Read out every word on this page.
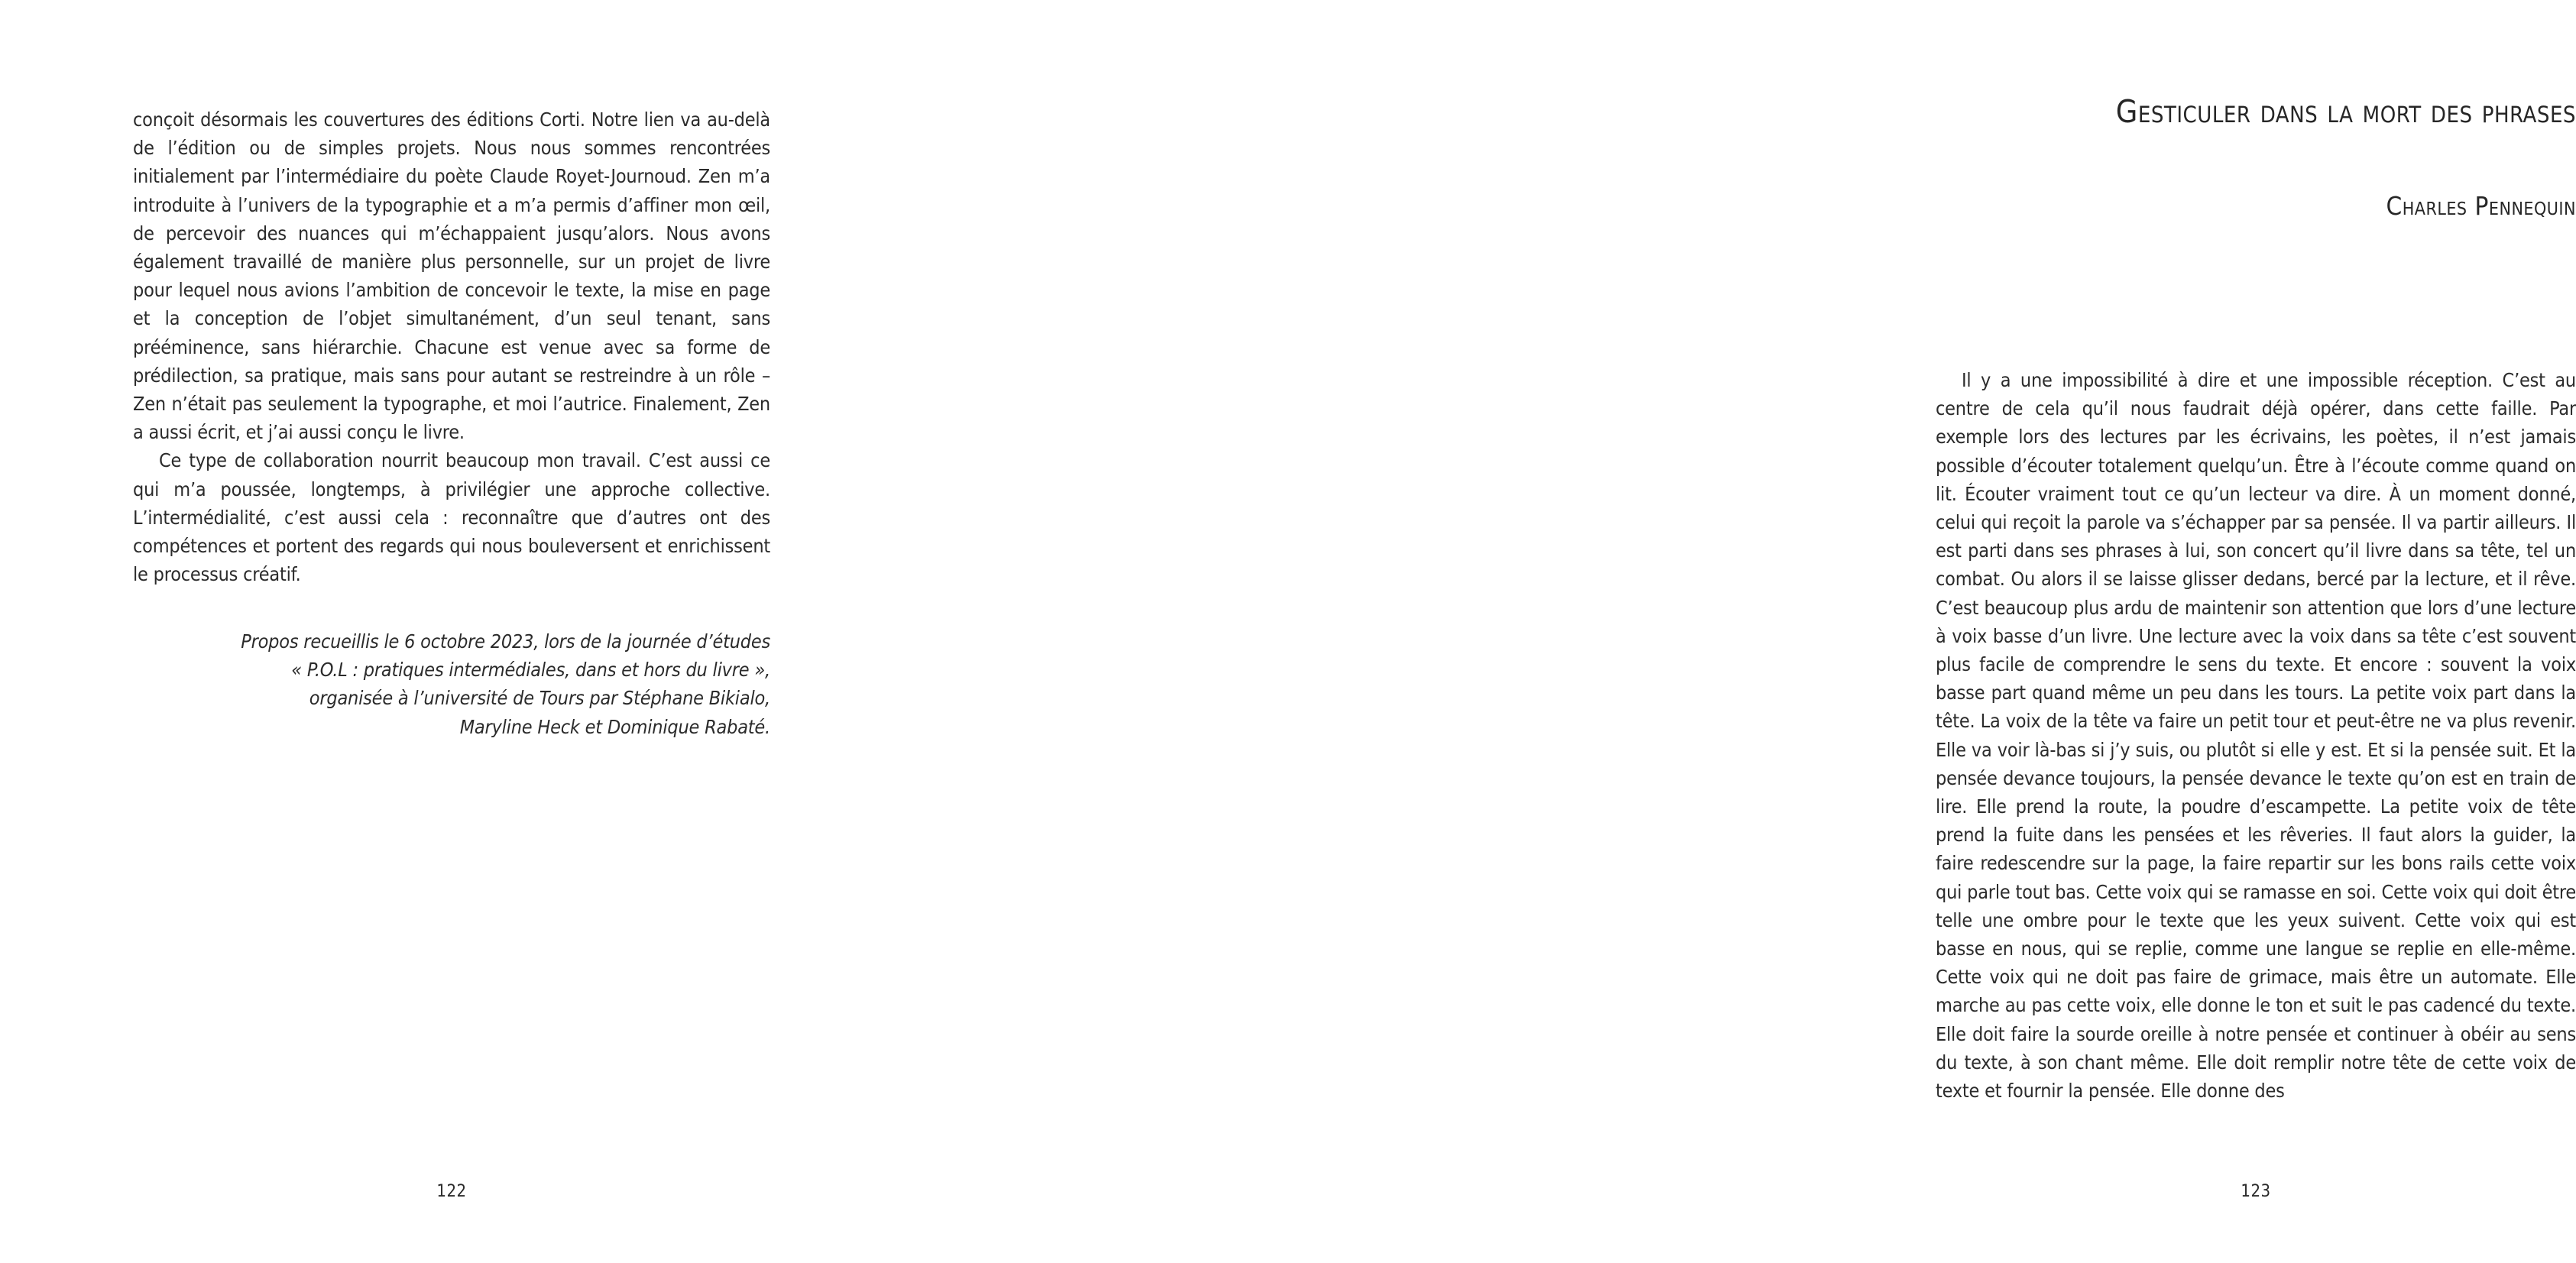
conçoit désormais les couvertures des éditions Corti. Notre lien va au-delà de l’édition ou de simples projets. Nous nous sommes rencontrées initialement par l’intermédiaire du poète Claude Royet-Journoud. Zen m’a introduite à l’univers de la typographie et a m’a permis d’affiner mon œil, de percevoir des nuances qui m’échappaient jusqu’alors. Nous avons également travaillé de manière plus personnelle, sur un projet de livre pour lequel nous avions l’ambition de concevoir le texte, la mise en page et la conception de l’objet simultanément, d’un seul tenant, sans prééminence, sans hiérarchie. Chacune est venue avec sa forme de prédilection, sa pratique, mais sans pour autant se restreindre à un rôle – Zen n’était pas seulement la typographe, et moi l’autrice. Finalement, Zen a aussi écrit, et j’ai aussi conçu le livre.

Ce type de collaboration nourrit beaucoup mon travail. C’est aussi ce qui m’a poussée, longtemps, à privilégier une approche collective. L’intermédialité, c’est aussi cela : reconnaître que d’autres ont des compétences et portent des regards qui nous bouleversent et enrichissent le processus créatif.

Propos recueillis le 6 octobre 2023, lors de la journée d’études
« P.O.L : pratiques intermédiales, dans et hors du livre »,
organisée à l’université de Tours par Stéphane Bikialo,
Maryline Heck et Dominique Rabaté.
122
Gesticuler dans la mort des phrases
Charles Pennequin

Il y a une impossibilité à dire et une impossible réception. C’est au centre de cela qu’il nous faudrait déjà opérer, dans cette faille. Par exemple lors des lectures par les écrivains, les poètes, il n’est jamais possible d’écouter totalement quelqu’un. Être à l’écoute comme quand on lit. Écouter vraiment tout ce qu’un lecteur va dire. À un moment donné, celui qui reçoit la parole va s’échapper par sa pensée. Il va partir ailleurs. Il est parti dans ses phrases à lui, son concert qu’il livre dans sa tête, tel un combat. Ou alors il se laisse glisser dedans, bercé par la lecture, et il rêve. C’est beaucoup plus ardu de maintenir son attention que lors d’une lecture à voix basse d’un livre. Une lecture avec la voix dans sa tête c’est souvent plus facile de comprendre le sens du texte. Et encore : souvent la voix basse part quand même un peu dans les tours. La petite voix part dans la tête. La voix de la tête va faire un petit tour et peut-être ne va plus revenir. Elle va voir là-bas si j’y suis, ou plutôt si elle y est. Et si la pensée suit. Et la pensée devance toujours, la pensée devance le texte qu’on est en train de lire. Elle prend la route, la poudre d’escampette. La petite voix de tête prend la fuite dans les pensées et les rêveries. Il faut alors la guider, la faire redescendre sur la page, la faire repartir sur les bons rails cette voix qui parle tout bas. Cette voix qui se ramasse en soi. Cette voix qui doit être telle une ombre pour le texte que les yeux suivent. Cette voix qui est basse en nous, qui se replie, comme une langue se replie en elle-même. Cette voix qui ne doit pas faire de grimace, mais être un automate. Elle marche au pas cette voix, elle donne le ton et suit le pas cadencé du texte. Elle doit faire la sourde oreille à notre pensée et continuer à obéir au sens du texte, à son chant même. Elle doit remplir notre tête de cette voix de texte et fournir la pensée. Elle donne des

123
